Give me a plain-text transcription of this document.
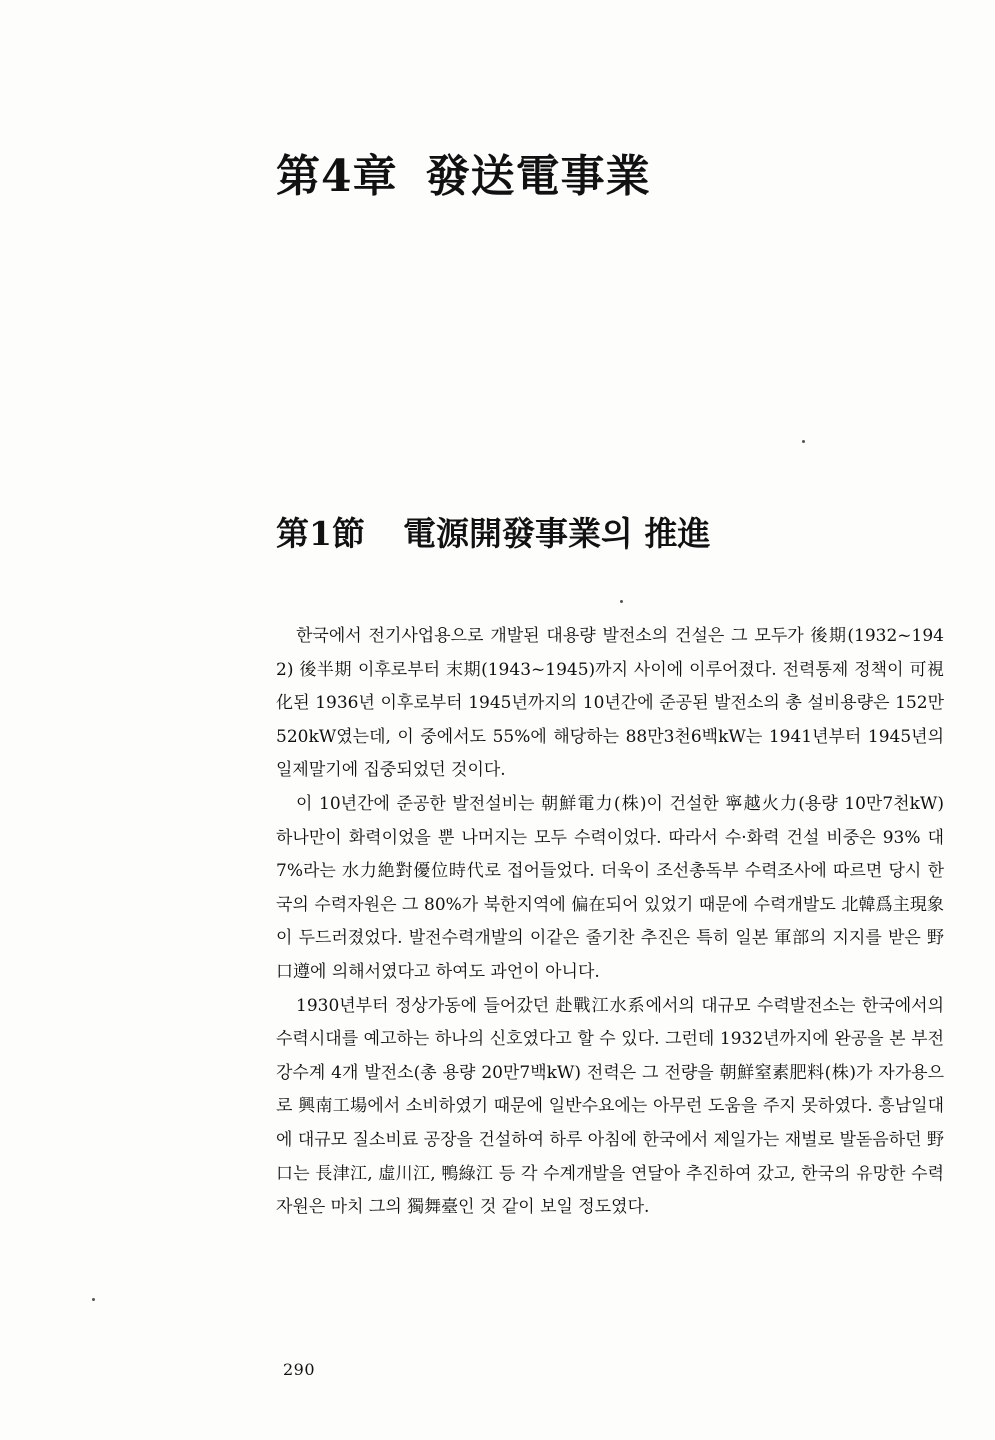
第4章 發送電事業
第1節 電源開發事業의 推進

한국에서 전기사업용으로 개발된 대용량 발전소의 건설은 그 모두가 後期(1932~1942) 後半期 이후로부터 末期(1943~1945)까지 사이에 이루어졌다. 전력통제 정책이 可視化된 1936년 이후로부터 1945년까지의 10년간에 준공된 발전소의 총 설비용량은 152만520kW였는데, 이 중에서도 55%에 해당하는 88만3천6백kW는 1941년부터 1945년의 일제말기에 집중되었던 것이다.

이 10년간에 준공한 발전설비는 朝鮮電力(株)이 건설한 寧越火力(용량 10만7천kW) 하나만이 화력이었을 뿐 나머지는 모두 수력이었다. 따라서 수·화력 건설 비중은 93% 대 7%라는 水力絶對優位時代로 접어들었다. 더욱이 조선총독부 수력조사에 따르면 당시 한국의 수력자원은 그 80%가 북한지역에 偏在되어 있었기 때문에 수력개발도 北韓爲主現象이 두드러졌었다. 발전수력개발의 이같은 줄기찬 추진은 특히 일본 軍部의 지지를 받은 野口遵에 의해서였다고 하여도 과언이 아니다.

1930년부터 정상가동에 들어갔던 赴戰江水系에서의 대규모 수력발전소는 한국에서의 수력시대를 예고하는 하나의 신호였다고 할 수 있다. 그런데 1932년까지에 완공을 본 부전강수계 4개 발전소(총 용량 20만7백kW) 전력은 그 전량을 朝鮮窒素肥料(株)가 자가용으로 興南工場에서 소비하였기 때문에 일반수요에는 아무런 도움을 주지 못하였다. 흥남일대에 대규모 질소비료 공장을 건설하여 하루 아침에 한국에서 제일가는 재벌로 발돋음하던 野口는 長津江, 虛川江, 鴨綠江 등 각 수계개발을 연달아 추진하여 갔고, 한국의 유망한 수력자원은 마치 그의 獨舞臺인 것 같이 보일 정도였다.

290
